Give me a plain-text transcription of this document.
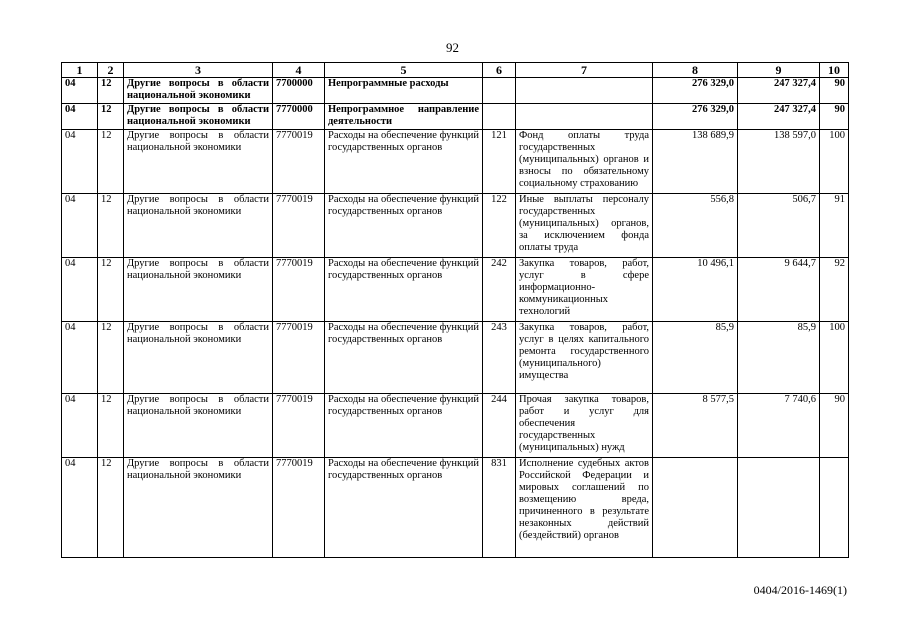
92
1	2	3	4	5	6	7	8	9	10
04	12	Другие вопросы в области национальной экономики	7700000	Непрограммные расходы			276 329,0	247 327,4	90
04	12	Другие вопросы в области национальной экономики	7770000	Непрограммное направление деятельности			276 329,0	247 327,4	90
04	12	Другие вопросы в области национальной экономики	7770019	Расходы на обеспечение функций государственных органов	121	Фонд оплаты труда государственных (муниципальных) органов и взносы по обязательному социальному страхованию	138 689,9	138 597,0	100
04	12	Другие вопросы в области национальной экономики	7770019	Расходы на обеспечение функций государственных органов	122	Иные выплаты персоналу государственных (муниципальных) органов, за исключением фонда оплаты труда	556,8	506,7	91
04	12	Другие вопросы в области национальной экономики	7770019	Расходы на обеспечение функций государственных органов	242	Закупка товаров, работ, услуг в сфере информационно-коммуникационных технологий	10 496,1	9 644,7	92
04	12	Другие вопросы в области национальной экономики	7770019	Расходы на обеспечение функций государственных органов	243	Закупка товаров, работ, услуг в целях капитального ремонта государственного (муниципального) имущества	85,9	85,9	100
04	12	Другие вопросы в области национальной экономики	7770019	Расходы на обеспечение функций государственных органов	244	Прочая закупка товаров, работ и услуг для обеспечения государственных (муниципальных) нужд	8 577,5	7 740,6	90
04	12	Другие вопросы в области национальной экономики	7770019	Расходы на обеспечение функций государственных органов	831	Исполнение судебных актов Российской Федерации и мировых соглашений по возмещению вреда, причиненного в результате незаконных действий (бездействий) органов			
0404/2016-1469(1)
